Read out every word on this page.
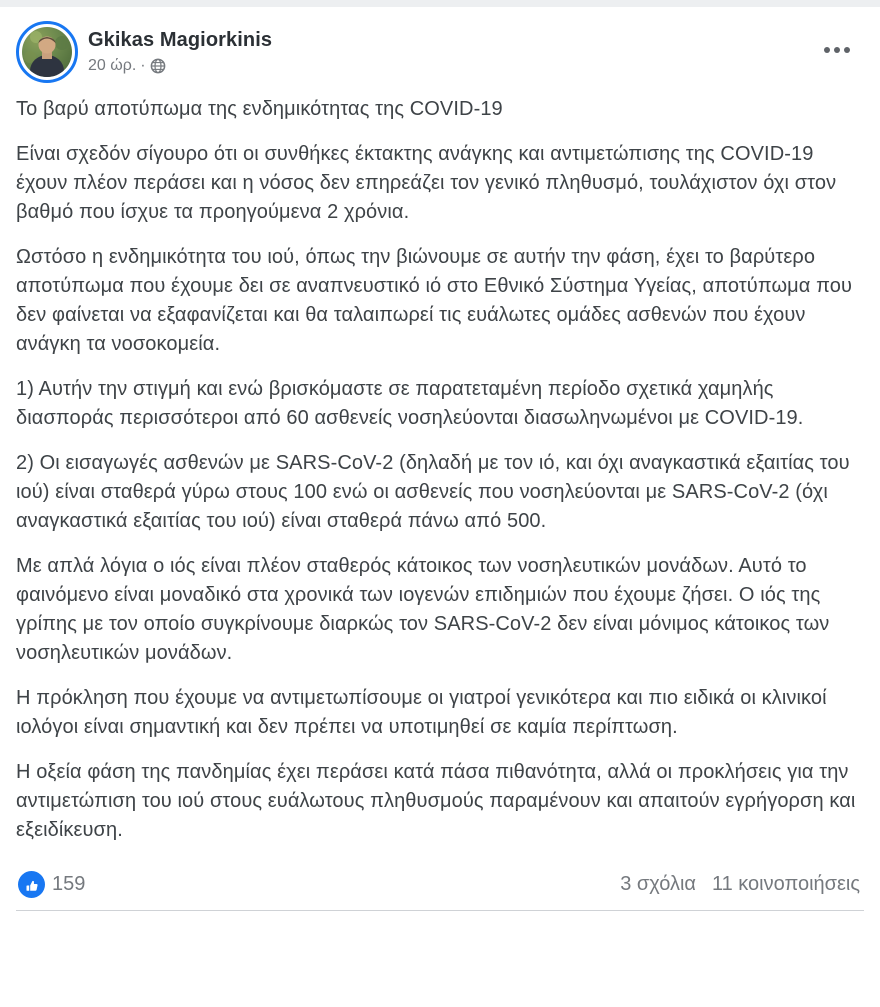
Gkikas Magiorkinis
20 ώρ. ·

Το βαρύ αποτύπωμα της ενδημικότητας της COVID-19

Είναι σχεδόν σίγουρο ότι οι συνθήκες έκτακτης ανάγκης και αντιμετώπισης της COVID-19 έχουν πλέον περάσει και η νόσος δεν επηρεάζει τον γενικό πληθυσμό, τουλάχιστον όχι στον βαθμό που ίσχυε τα προηγούμενα 2 χρόνια.

Ωστόσο η ενδημικότητα του ιού, όπως την βιώνουμε σε αυτήν την φάση, έχει το βαρύτερο αποτύπωμα που έχουμε δει σε αναπνευστικό ιό στο Εθνικό Σύστημα Υγείας, αποτύπωμα που δεν φαίνεται να εξαφανίζεται και θα ταλαιπωρεί τις ευάλωτες ομάδες ασθενών που έχουν ανάγκη τα νοσοκομεία.

1) Αυτήν την στιγμή και ενώ βρισκόμαστε σε παρατεταμένη περίοδο σχετικά χαμηλής διασποράς περισσότεροι από 60 ασθενείς νοσηλεύονται διασωληνωμένοι με COVID-19.

2) Οι εισαγωγές ασθενών με SARS-CoV-2 (δηλαδή με τον ιό, και όχι αναγκαστικά εξαιτίας του ιού) είναι σταθερά γύρω στους 100 ενώ οι ασθενείς που νοσηλεύονται με SARS-CoV-2 (όχι αναγκαστικά εξαιτίας του ιού) είναι σταθερά πάνω από 500.

Με απλά λόγια ο ιός είναι πλέον σταθερός κάτοικος των νοσηλευτικών μονάδων. Αυτό το φαινόμενο είναι μοναδικό στα χρονικά των ιογενών επιδημιών που έχουμε ζήσει. Ο ιός της γρίπης με τον οποίο συγκρίνουμε διαρκώς τον SARS-CoV-2 δεν είναι μόνιμος κάτοικος των νοσηλευτικών μονάδων.

Η πρόκληση που έχουμε να αντιμετωπίσουμε οι γιατροί γενικότερα και πιο ειδικά οι κλινικοί ιολόγοι είναι σημαντική και δεν πρέπει να υποτιμηθεί σε καμία περίπτωση.

Η οξεία φάση της πανδημίας έχει περάσει κατά πάσα πιθανότητα, αλλά οι προκλήσεις για την αντιμετώπιση του ιού στους ευάλωτους πληθυσμούς παραμένουν και απαιτούν εγρήγορση και εξειδίκευση.

159	3 σχόλια 11 κοινοποιήσεις
